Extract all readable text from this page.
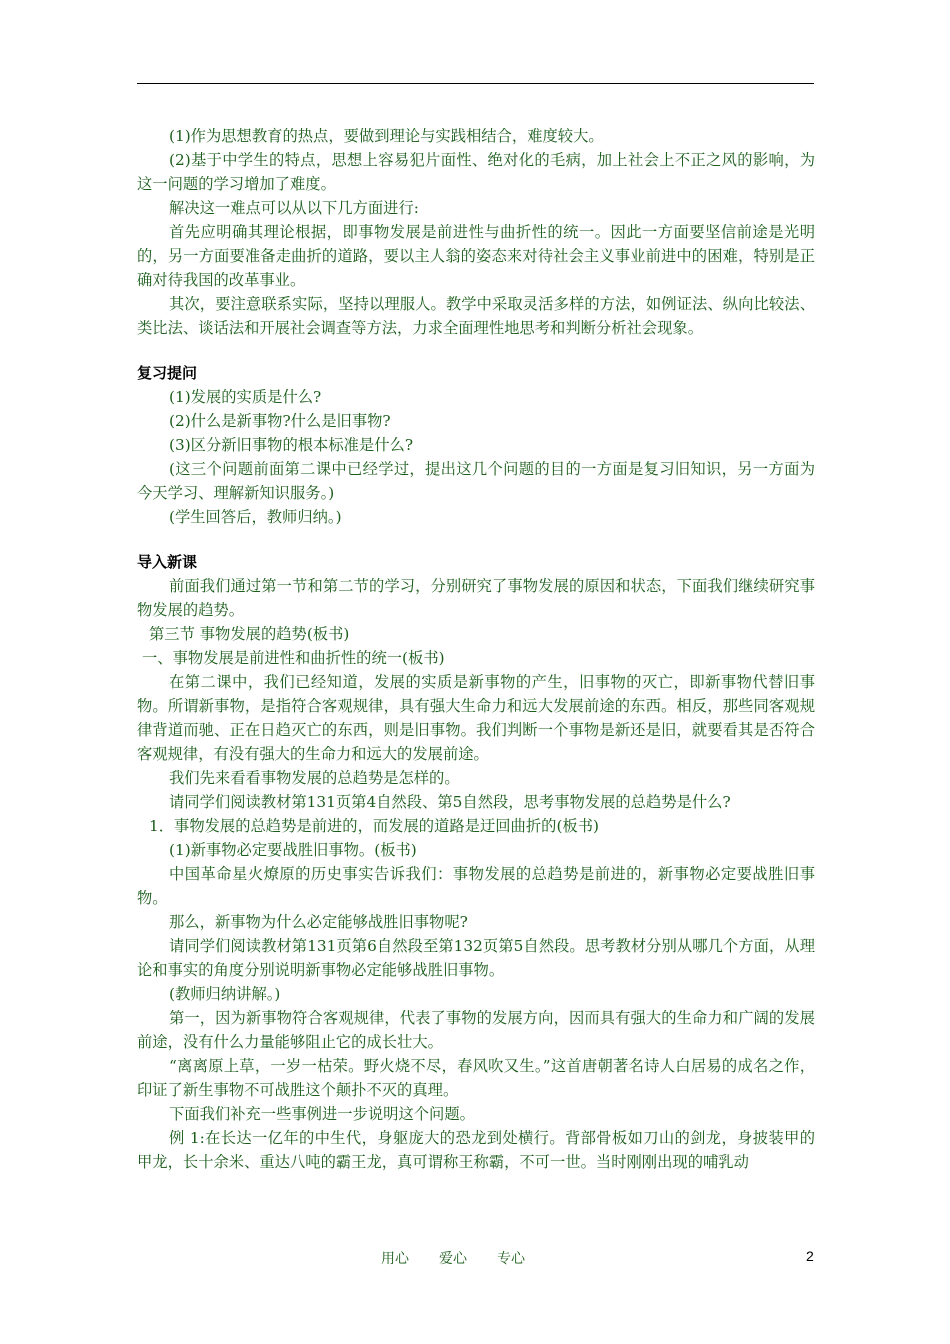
(1)作为思想教育的热点，要做到理论与实践相结合，难度较大。

(2)基于中学生的特点，思想上容易犯片面性、绝对化的毛病，加上社会上不正之风的影响，为这一问题的学习增加了难度。

解决这一难点可以从以下几方面进行:

首先应明确其理论根据，即事物发展是前进性与曲折性的统一。因此一方面要坚信前途是光明的，另一方面要准备走曲折的道路，要以主人翁的姿态来对待社会主义事业前进中的困难，特别是正确对待我国的改革事业。

其次，要注意联系实际，坚持以理服人。教学中采取灵活多样的方法，如例证法、纵向比较法、类比法、谈话法和开展社会调查等方法，力求全面理性地思考和判断分析社会现象。

复习提问

(1)发展的实质是什么?

(2)什么是新事物?什么是旧事物?

(3)区分新旧事物的根本标准是什么?

(这三个问题前面第二课中已经学过，提出这几个问题的目的一方面是复习旧知识，另一方面为今天学习、理解新知识服务。)

(学生回答后，教师归纳。)

导入新课

前面我们通过第一节和第二节的学习，分别研究了事物发展的原因和状态，下面我们继续研究事物发展的趋势。

第三节 事物发展的趋势(板书)

一、事物发展是前进性和曲折性的统一(板书)

在第二课中，我们已经知道，发展的实质是新事物的产生，旧事物的灭亡，即新事物代替旧事物。所谓新事物，是指符合客观规律，具有强大生命力和远大发展前途的东西。相反，那些同客观规律背道而驰、正在日趋灭亡的东西，则是旧事物。我们判断一个事物是新还是旧，就要看其是否符合客观规律，有没有强大的生命力和远大的发展前途。

我们先来看看事物发展的总趋势是怎样的。

请同学们阅读教材第131页第4自然段、第5自然段，思考事物发展的总趋势是什么?

1．事物发展的总趋势是前进的，而发展的道路是迂回曲折的(板书)

(1)新事物必定要战胜旧事物。(板书)

中国革命星火燎原的历史事实告诉我们：事物发展的总趋势是前进的，新事物必定要战胜旧事物。

那么，新事物为什么必定能够战胜旧事物呢?

请同学们阅读教材第131页第6自然段至第132页第5自然段。思考教材分别从哪几个方面，从理论和事实的角度分别说明新事物必定能够战胜旧事物。

(教师归纳讲解。)

第一，因为新事物符合客观规律，代表了事物的发展方向，因而具有强大的生命力和广阔的发展前途，没有什么力量能够阻止它的成长壮大。

“离离原上草，一岁一枯荣。野火烧不尽，春风吹又生。”这首唐朝著名诗人白居易的成名之作，印证了新生事物不可战胜这个颠扑不灭的真理。

下面我们补充一些事例进一步说明这个问题。

例 1:在长达一亿年的中生代，身躯庞大的恐龙到处横行。背部骨板如刀山的剑龙，身披装甲的甲龙，长十余米、重达八吨的霸王龙，真可谓称王称霸，不可一世。当时刚刚出现的哺乳动

用心 爱心 专心	2
